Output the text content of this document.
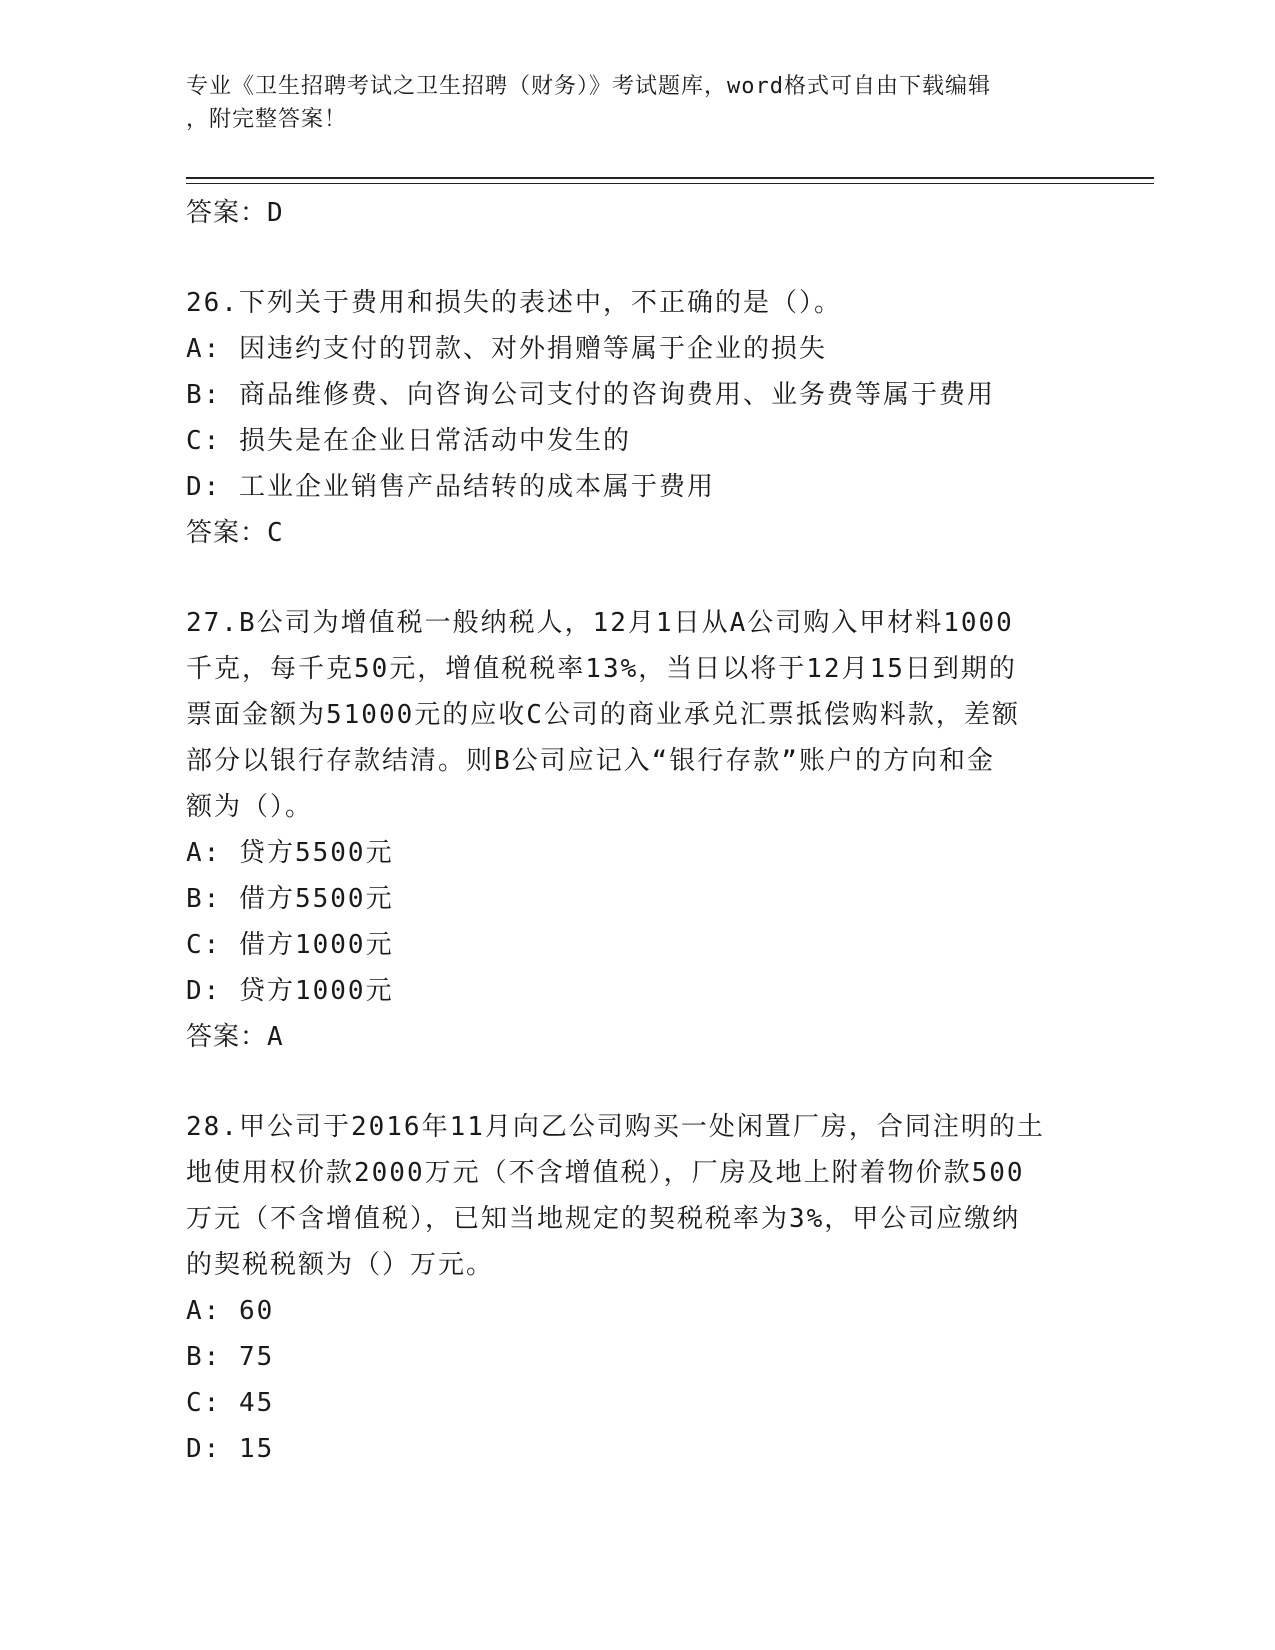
专业《卫生招聘考试之卫生招聘（财务）》考试题库，word格式可自由下载编辑
，附完整答案！
答案：D
26.下列关于费用和损失的表述中，不正确的是（）。
A: 因违约支付的罚款、对外捐赠等属于企业的损失
B: 商品维修费、向咨询公司支付的咨询费用、业务费等属于费用
C: 损失是在企业日常活动中发生的
D: 工业企业销售产品结转的成本属于费用
答案：C
27.B公司为增值税一般纳税人，12月1日从A公司购入甲材料1000
千克，每千克50元，增值税税率13%，当日以将于12月15日到期的
票面金额为51000元的应收C公司的商业承兑汇票抵偿购料款，差额
部分以银行存款结清。则B公司应记入“银行存款”账户的方向和金
额为（）。
A: 贷方5500元
B: 借方5500元
C: 借方1000元
D: 贷方1000元
答案：A
28.甲公司于2016年11月向乙公司购买一处闲置厂房，合同注明的土
地使用权价款2000万元（不含增值税），厂房及地上附着物价款500
万元（不含增值税），已知当地规定的契税税率为3%，甲公司应缴纳
的契税税额为（）万元。
A: 60
B: 75
C: 45
D: 15
